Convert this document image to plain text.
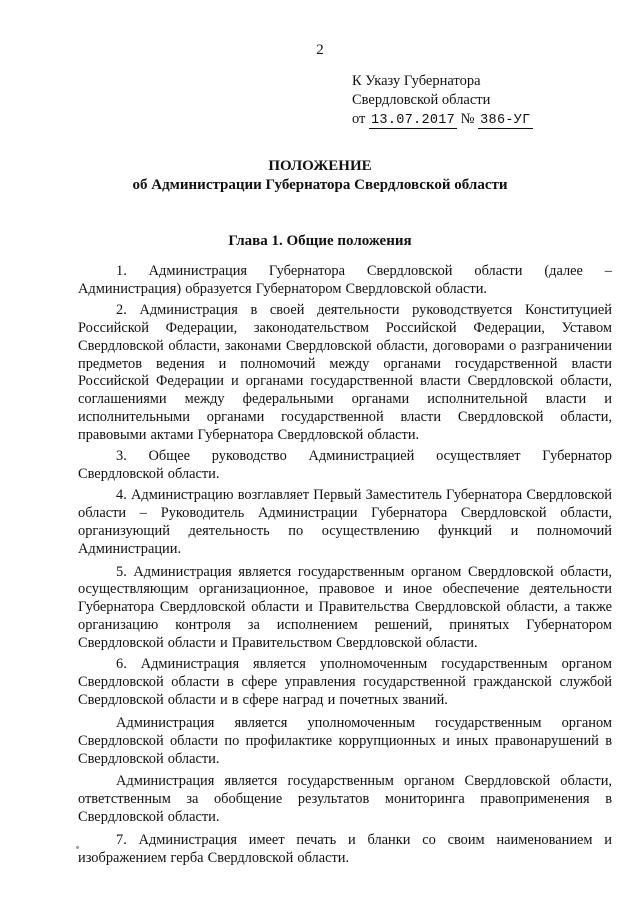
2
К Указу Губернатора
Свердловской области
от 13.07.2017 № 386-УГ
ПОЛОЖЕНИЕ
об Администрации Губернатора Свердловской области
Глава 1. Общие положения

1. Администрация Губернатора Свердловской области (далее – Администрация) образуется Губернатором Свердловской области.

2. Администрация в своей деятельности руководствуется Конституцией Российской Федерации, законодательством Российской Федерации, Уставом Свердловской области, законами Свердловской области, договорами о разграничении предметов ведения и полномочий между органами государственной власти Российской Федерации и органами государственной власти Свердловской области, соглашениями между федеральными органами исполнительной власти и исполнительными органами государственной власти Свердловской области, правовыми актами Губернатора Свердловской области.

3. Общее руководство Администрацией осуществляет Губернатор Свердловской области.

4. Администрацию возглавляет Первый Заместитель Губернатора Свердловской области – Руководитель Администрации Губернатора Свердловской области, организующий деятельность по осуществлению функций и полномочий Администрации.

5. Администрация является государственным органом Свердловской области, осуществляющим организационное, правовое и иное обеспечение деятельности Губернатора Свердловской области и Правительства Свердловской области, а также организацию контроля за исполнением решений, принятых Губернатором Свердловской области и Правительством Свердловской области.

6. Администрация является уполномоченным государственным органом Свердловской области в сфере управления государственной гражданской службой Свердловской области и в сфере наград и почетных званий.

Администрация является уполномоченным государственным органом Свердловской области по профилактике коррупционных и иных правонарушений в Свердловской области.

Администрация является государственным органом Свердловской области, ответственным за обобщение результатов мониторинга правоприменения в Свердловской области.

7. Администрация имеет печать и бланки со своим наименованием и изображением герба Свердловской области.
